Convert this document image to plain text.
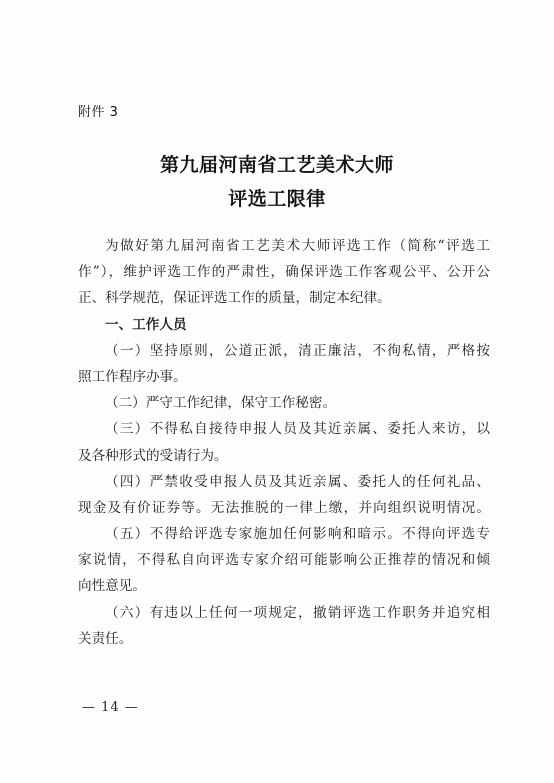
附件 3
第九届河南省工艺美术大师
评选工限律
为做好第九届河南省工艺美术大师评选工作（简称“评选工
作”），维护评选工作的严肃性，确保评选工作客观公平、公开公
正、科学规范，保证评选工作的质量，制定本纪律。
一、工作人员
（一）坚持原则，公道正派，清正廉洁，不徇私情，严格按
照工作程序办事。
（二）严守工作纪律，保守工作秘密。
（三）不得私自接待申报人员及其近亲属、委托人来访，以
及各种形式的受请行为。
（四）严禁收受申报人员及其近亲属、委托人的任何礼品、
现金及有价证券等。无法推脱的一律上缴，并向组织说明情况。
（五）不得给评选专家施加任何影响和暗示。不得向评选专
家说情，不得私自向评选专家介绍可能影响公正推荐的情况和倾
向性意见。
（六）有违以上任何一项规定，撤销评选工作职务并追究相
关责任。
— 14 —
